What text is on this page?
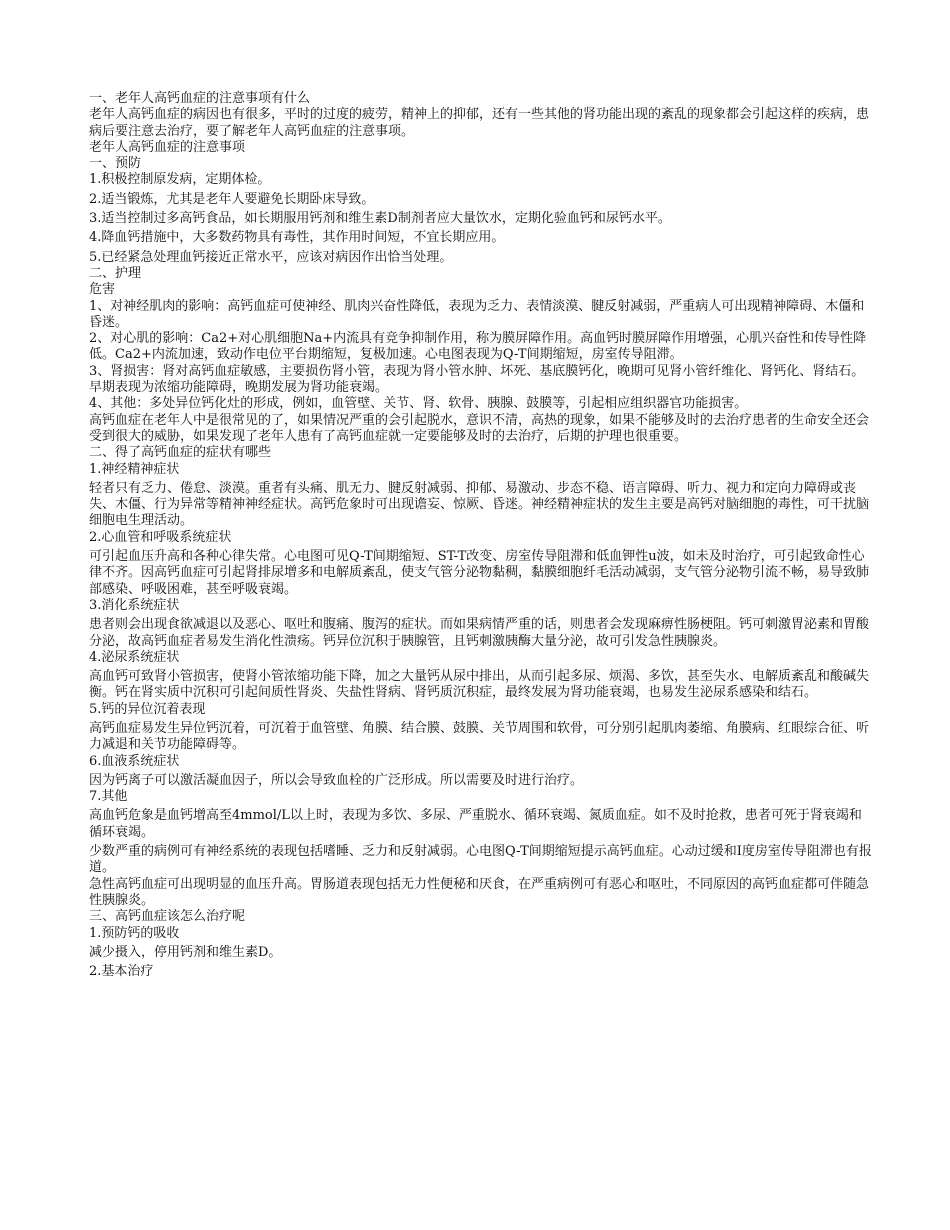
一、老年人高钙血症的注意事项有什么
老年人高钙血症的病因也有很多，平时的过度的疲劳，精神上的抑郁，还有一些其他的肾功能出现的紊乱的现象都会引起这样的疾病，患病后要注意去治疗，要了解老年人高钙血症的注意事项。
老年人高钙血症的注意事项
一、预防
1.积极控制原发病，定期体检。
2.适当锻炼，尤其是老年人要避免长期卧床导致。
3.适当控制过多高钙食品，如长期服用钙剂和维生素D制剂者应大量饮水，定期化验血钙和尿钙水平。
4.降血钙措施中，大多数药物具有毒性，其作用时间短，不宜长期应用。
5.已经紧急处理血钙接近正常水平，应该对病因作出恰当处理。
二、护理
危害
1、对神经肌肉的影响：高钙血症可使神经、肌肉兴奋性降低，表现为乏力、表情淡漠、腱反射减弱，严重病人可出现精神障碍、木僵和昏迷。
2、对心肌的影响：Ca2+对心肌细胞Na+内流具有竞争抑制作用，称为膜屏障作用。高血钙时膜屏障作用增强，心肌兴奋性和传导性降低。Ca2+内流加速，致动作电位平台期缩短，复极加速。心电图表现为Q-T间期缩短，房室传导阻滞。
3、肾损害：肾对高钙血症敏感，主要损伤肾小管，表现为肾小管水肿、坏死、基底膜钙化，晚期可见肾小管纤维化、肾钙化、肾结石。早期表现为浓缩功能障碍，晚期发展为肾功能衰竭。
4、其他：多处异位钙化灶的形成，例如，血管壁、关节、肾、软骨、胰腺、鼓膜等，引起相应组织器官功能损害。
高钙血症在老年人中是很常见的了，如果情况严重的会引起脱水，意识不清，高热的现象，如果不能够及时的去治疗患者的生命安全还会受到很大的威胁，如果发现了老年人患有了高钙血症就一定要能够及时的去治疗，后期的护理也很重要。
二、得了高钙血症的症状有哪些
1.神经精神症状
轻者只有乏力、倦怠、淡漠。重者有头痛、肌无力、腱反射减弱、抑郁、易激动、步态不稳、语言障碍、听力、视力和定向力障碍或丧失、木僵、行为异常等精神神经症状。高钙危象时可出现谵妄、惊厥、昏迷。神经精神症状的发生主要是高钙对脑细胞的毒性，可干扰脑细胞电生理活动。
2.心血管和呼吸系统症状
可引起血压升高和各种心律失常。心电图可见Q-T间期缩短、ST-T改变、房室传导阻滞和低血钾性u波，如未及时治疗，可引起致命性心律不齐。因高钙血症可引起肾排尿增多和电解质紊乱，使支气管分泌物黏稠，黏膜细胞纤毛活动减弱，支气管分泌物引流不畅，易导致肺部感染、呼吸困难，甚至呼吸衰竭。
3.消化系统症状
患者则会出现食欲减退以及恶心、呕吐和腹痛、腹泻的症状。而如果病情严重的话，则患者会发现麻痹性肠梗阻。钙可刺激胃泌素和胃酸分泌，故高钙血症者易发生消化性溃疡。钙异位沉积于胰腺管，且钙刺激胰酶大量分泌，故可引发急性胰腺炎。
4.泌尿系统症状
高血钙可致肾小管损害，使肾小管浓缩功能下降，加之大量钙从尿中排出，从而引起多尿、烦渴、多饮，甚至失水、电解质紊乱和酸碱失衡。钙在肾实质中沉积可引起间质性肾炎、失盐性肾病、肾钙质沉积症，最终发展为肾功能衰竭，也易发生泌尿系感染和结石。
5.钙的异位沉着表现
高钙血症易发生异位钙沉着，可沉着于血管壁、角膜、结合膜、鼓膜、关节周围和软骨，可分别引起肌肉萎缩、角膜病、红眼综合征、听力减退和关节功能障碍等。
6.血液系统症状
因为钙离子可以激活凝血因子，所以会导致血栓的广泛形成。所以需要及时进行治疗。
7.其他
高血钙危象是血钙增高至4mmol/L以上时，表现为多饮、多尿、严重脱水、循环衰竭、氮质血症。如不及时抢救，患者可死于肾衰竭和循环衰竭。
少数严重的病例可有神经系统的表现包括嗜睡、乏力和反射减弱。心电图Q-T间期缩短提示高钙血症。心动过缓和Ⅰ度房室传导阻滞也有报道。
急性高钙血症可出现明显的血压升高。胃肠道表现包括无力性便秘和厌食，在严重病例可有恶心和呕吐，不同原因的高钙血症都可伴随急性胰腺炎。
三、高钙血症该怎么治疗呢
1.预防钙的吸收
减少摄入，停用钙剂和维生素D。
2.基本治疗
